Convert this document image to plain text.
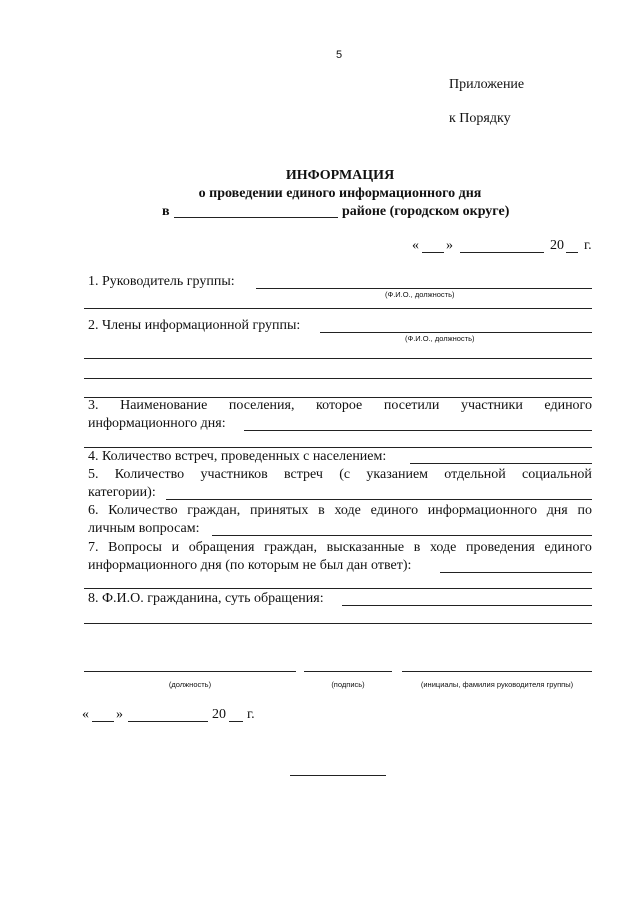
5
Приложение
к Порядку
ИНФОРМАЦИЯ
о проведении единого информационного дня
в	районе (городском округе)
« »	20 г.
1. Руководитель группы:
(Ф.И.О., должность)
2. Члены информационной группы:
(Ф.И.О., должность)
3. Наименование поселения, которое посетили участники единого
информационного дня:
4. Количество встреч, проведенных с населением:
5. Количество участников встреч (с указанием отдельной социальной
категории):
6. Количество граждан, принятых в ходе единого информационного дня по
личным вопросам:
7. Вопросы и обращения граждан, высказанные в ходе проведения единого
информационного дня (по которым не был дан ответ):
8. Ф.И.О. гражданина, суть обращения:
(должность)	(подпись)	(инициалы, фамилия руководителя группы)
« »	20 г.
